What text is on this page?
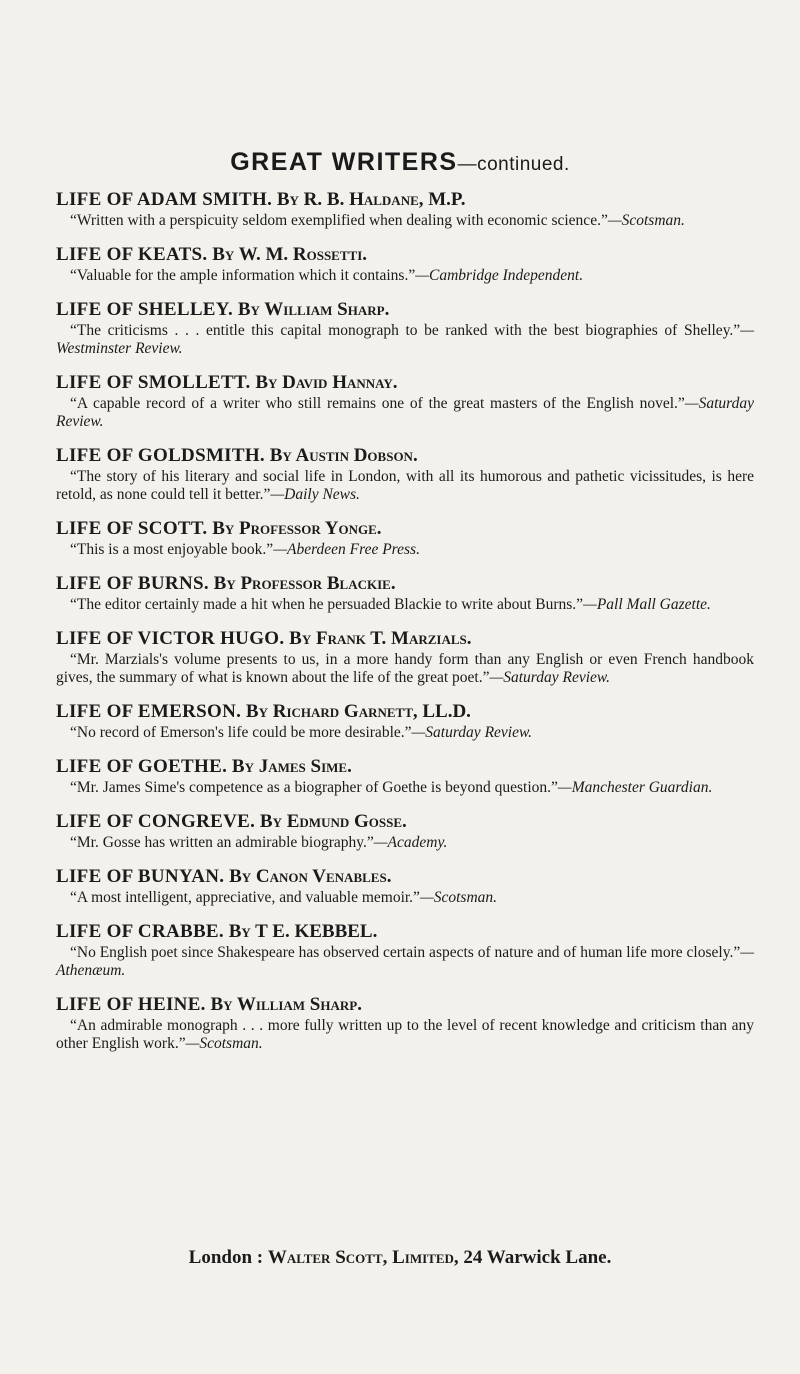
GREAT WRITERS—continued.
LIFE OF ADAM SMITH. By R. B. Haldane, M.P.
“Written with a perspicuity seldom exemplified when dealing with economic science.”—Scotsman.
LIFE OF KEATS. By W. M. Rossetti.
“Valuable for the ample information which it contains.”—Cambridge Independent.
LIFE OF SHELLEY. By William Sharp.
“The criticisms . . . entitle this capital monograph to be ranked with the best biographies of Shelley.”—Westminster Review.
LIFE OF SMOLLETT. By David Hannay.
“A capable record of a writer who still remains one of the great masters of the English novel.”—Saturday Review.
LIFE OF GOLDSMITH. By Austin Dobson.
“The story of his literary and social life in London, with all its humorous and pathetic vicissitudes, is here retold, as none could tell it better.”—Daily News.
LIFE OF SCOTT. By Professor Yonge.
“This is a most enjoyable book.”—Aberdeen Free Press.
LIFE OF BURNS. By Professor Blackie.
“The editor certainly made a hit when he persuaded Blackie to write about Burns.”—Pall Mall Gazette.
LIFE OF VICTOR HUGO. By Frank T. Marzials.
“Mr. Marzials's volume presents to us, in a more handy form than any English or even French handbook gives, the summary of what is known about the life of the great poet.”—Saturday Review.
LIFE OF EMERSON. By Richard Garnett, LL.D.
“No record of Emerson's life could be more desirable.”—Saturday Review.
LIFE OF GOETHE. By James Sime.
“Mr. James Sime's competence as a biographer of Goethe is beyond question.”—Manchester Guardian.
LIFE OF CONGREVE. By Edmund Gosse.
“Mr. Gosse has written an admirable biography.”—Academy.
LIFE OF BUNYAN. By Canon Venables.
“A most intelligent, appreciative, and valuable memoir.”—Scotsman.
LIFE OF CRABBE. By T E. KEBBEL.
“No English poet since Shakespeare has observed certain aspects of nature and of human life more closely.”—Athenæum.
LIFE OF HEINE. By William Sharp.
“An admirable monograph . . . more fully written up to the level of recent knowledge and criticism than any other English work.”—Scotsman.
London : Walter Scott, Limited, 24 Warwick Lane.
